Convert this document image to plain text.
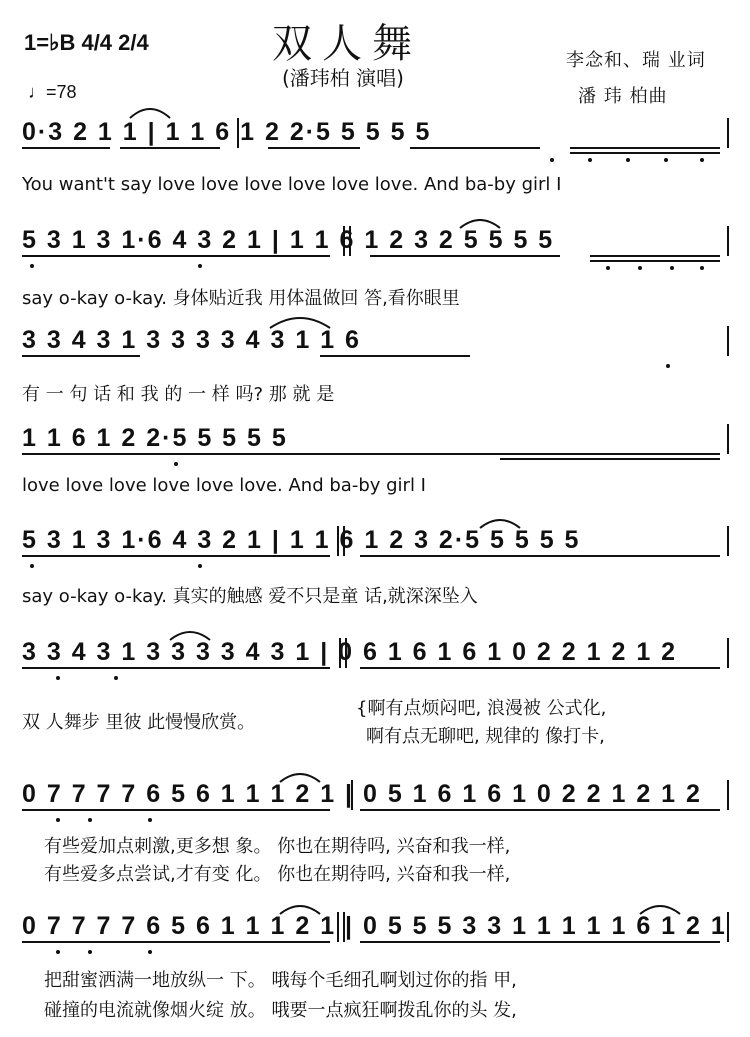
双人舞
(潘玮柏 演唱)
李念和、瑞 业词
潘 玮 柏曲
1=♭B 4/4 2/4
♩=78
0·3 2 1 1 | 1 1 6 1 2 2·5 5 5 5 5
You want't say love love love love love love. And ba-by girl I
5 3 1 3 1·6 4 3 2 1 | 1 1 6 1 2 3 2 5 5 5 5
say o-kay o-kay. 身体贴近我 用体温做回 答,看你眼里
3 3 4 3 1 3 3 3 3 4 3 1 1 6
有 一 句 话 和 我 的 一 样 吗? 那 就 是
1 1 6 1 2 2·5 5 5 5 5
love love love love love love. And ba-by girl I
5 3 1 3 1·6 4 3 2 1 | 1 1 6 1 2 3 2·5 5 5 5 5
say o-kay o-kay. 真实的触感 爱不只是童 话,就深深坠入
3 3 4 3 1 3 3 3 3 4 3 1 | 0 6 1 6 1 6 1 0 2 2 1 2 1 2
双 人舞步 里彼 此慢慢欣赏。
{啊有点烦闷吧, 浪漫被 公式化,
啊有点无聊吧, 规律的 像打卡,
0 7 7 7 7 6 5 6 1 1 1 2 1 | 0 5 1 6 1 6 1 0 2 2 1 2 1 2
有些爱加点刺激,更多想 象。 你也在期待吗, 兴奋和我一样,
有些爱多点尝试,才有变 化。 你也在期待吗, 兴奋和我一样,
0 7 7 7 7 6 5 6 1 1 1 2 1 | 0 5 5 5 3 3 1 1 1 1 1 6 1 2 1
把甜蜜洒满一地放纵一 下。 哦每个毛细孔啊划过你的指 甲,
碰撞的电流就像烟火绽 放。 哦要一点疯狂啊拨乱你的头 发,
